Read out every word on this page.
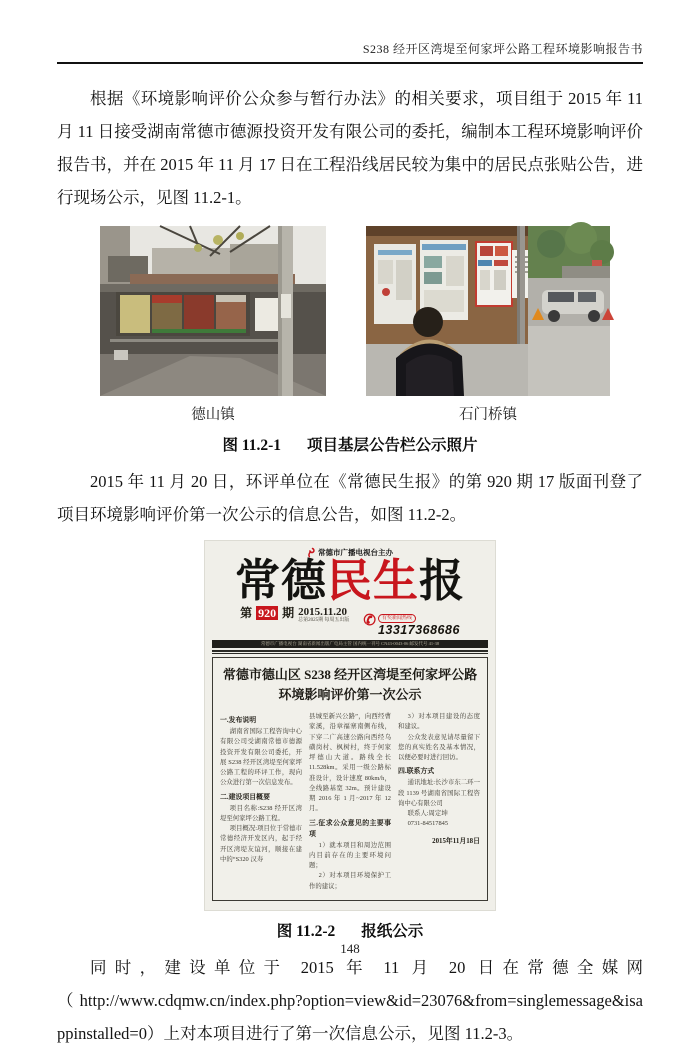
S238 经开区湾堤至何家坪公路工程环境影响报告书

根据《环境影响评价公众参与暂行办法》的相关要求，项目组于 2015 年 11 月 11 日接受湖南常德市德源投资开发有限公司的委托，编制本工程环境影响评价报告书，并在 2015 年 11 月 17 日在工程沿线居民较为集中的居民点张贴公告，进行现场公示，见图 11.2-1。

德山镇	石门桥镇
图 11.2-1 项目基层公告栏公示照片

2015 年 11 月 20 日，环评单位在《常德民生报》的第 920 期 17 版面刊登了项目环境影响评价第一次公示的信息公告，如图 11.2-2。

常德市广播电视台主办
常德民生报
第 920 期 2015.11.20
总第2025期 每周五出版 ✆	有奖新闻热线
13317368686
常德市广播电视台 湖南省新闻出版广电局主管 国内统一刊号 CN43-0043-06 邮发代号 41-38
常德市德山区 S238 经开区湾堤至何家坪公路
环境影响评价第一次公示
一.发布说明

湖南省国际工程咨询中心有限公司受湖南常德市德源投资开发有限公司委托，开展 S238 经开区湾堤至何家坪公路工程的环评工作，现向公众进行第一次信息发布。

二.建设项目概要

项目名称:S238 经开区湾堤至何家坪公路工程。

项目概况:项目位于常德市常德经济开发区内，起于经开区湾堤友谊河，顺接在建中的“S320 汉寿

县城至新兴公路”，向西经曹家溪，沿章福寨南侧布线，下穿二广高速公路向西经乌磺岗村、枫树村，终于何家坪德山大道。路线全长 11.528km。采用一级公路标准设计，设计速度 80km/h，全线路基宽 32m。预计建设期 2016 年 1 月~2017 年 12 月。

三.征求公众意见的主要事项

1）就本项目和周边范围内目前存在的主要环境问题；

2）对本项目环境保护工作的建议；

3）对本项目建设的态度和建议。

公众发表意见请尽量留下您的真实姓名及基本情况，以便必要时进行回访。

四.联系方式

通讯地址:长沙市东二环一段 1139 号湖南省国际工程咨询中心有限公司

联系人:周定坤

0731-84517845

2015年11月18日
图 11.2-2 报纸公示
同时，建设单位于 2015 年 11 月 20 日在常德全媒网
（http://www.cdqmw.cn/index.php?option=view&id=23076&from=singlemessage&isappinstalled=0）上对本项目进行了第一次信息公示，见图 11.2-3。
148
